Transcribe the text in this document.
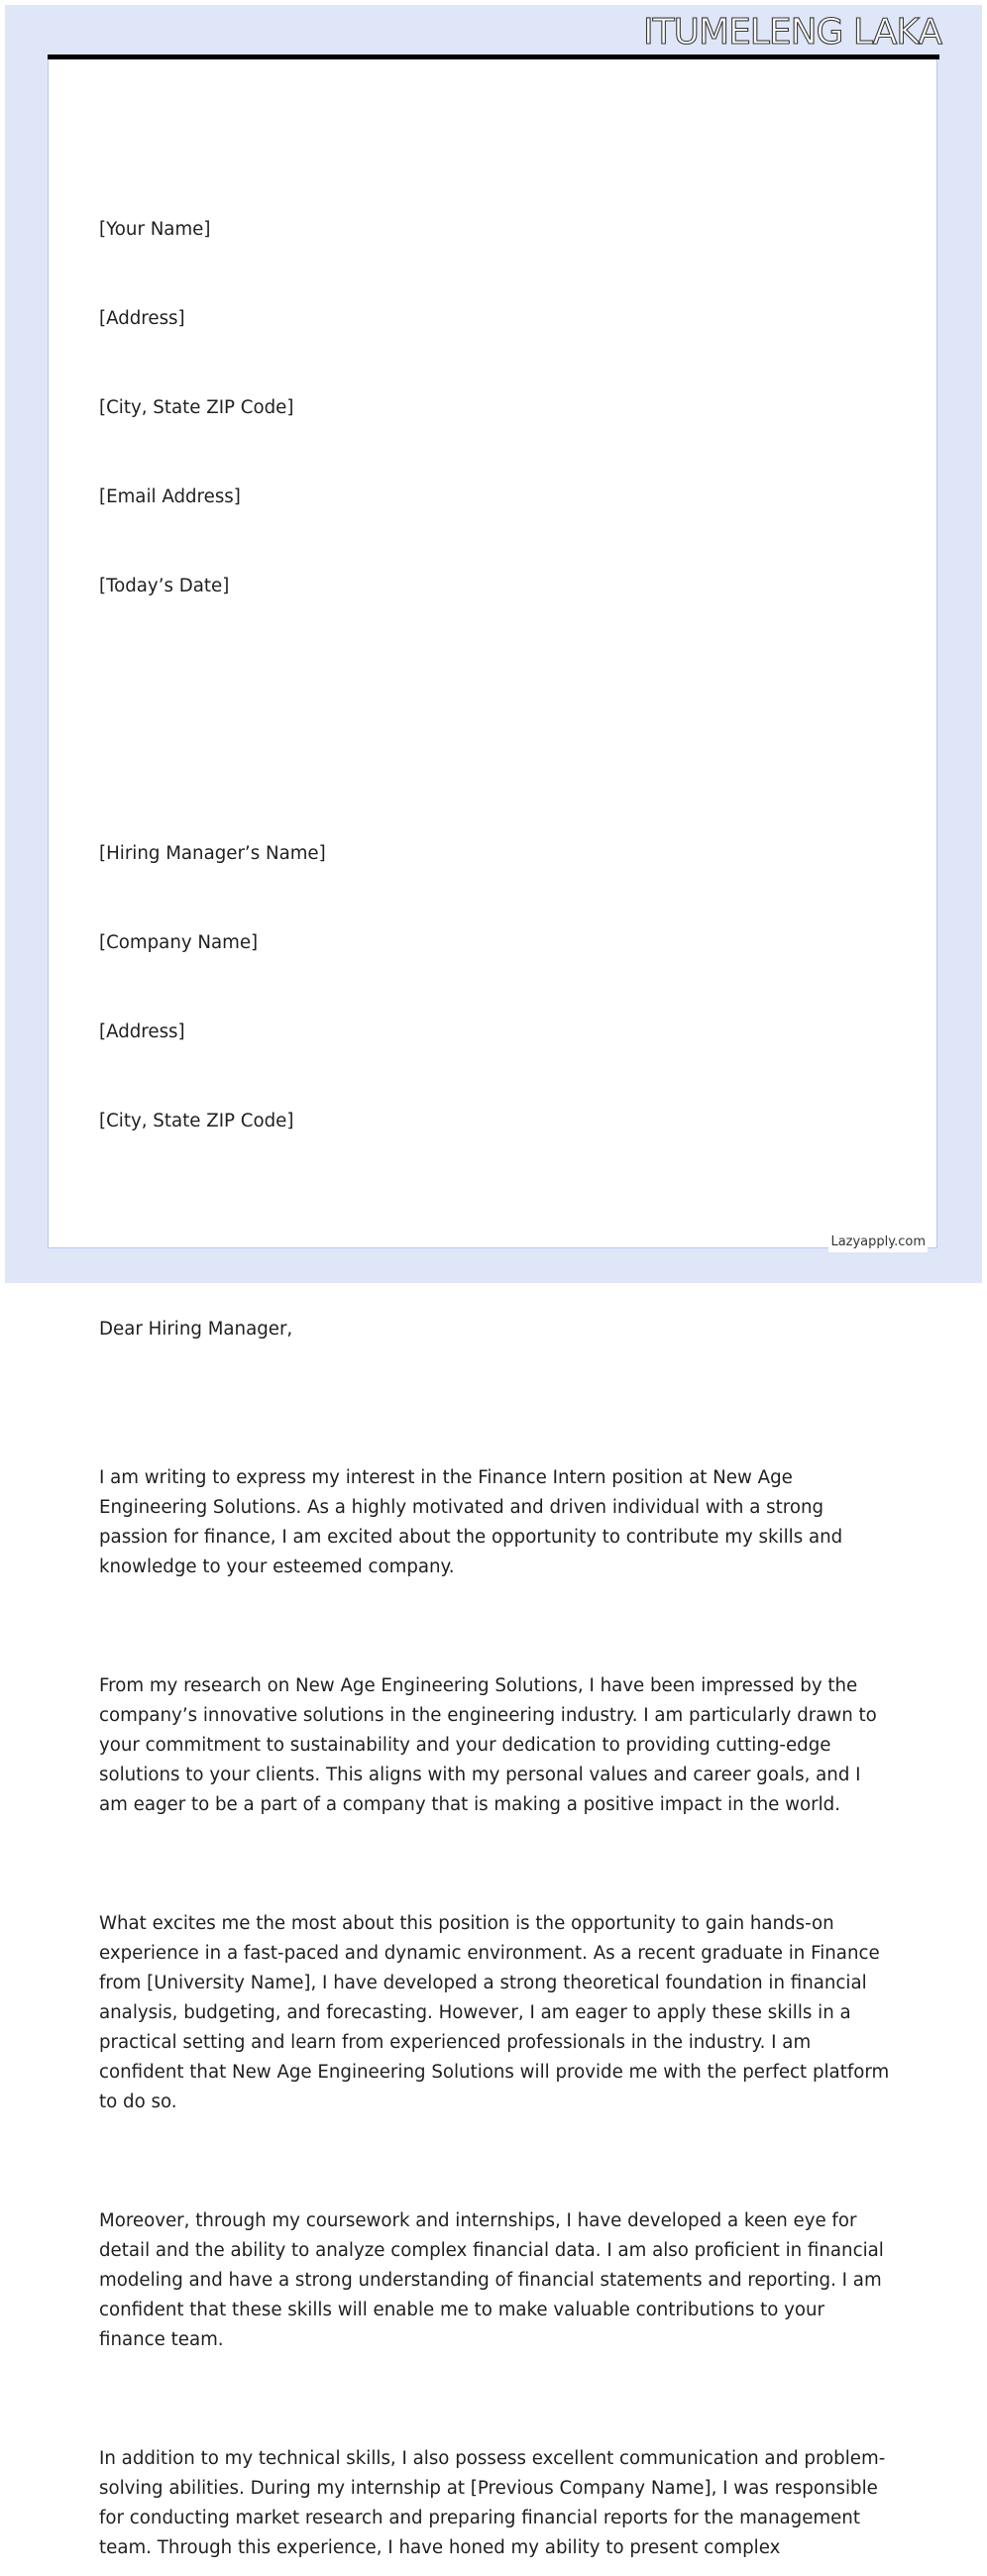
ITUMELENG LAKA

[Your Name]

[Address]

[City, State ZIP Code]

[Email Address]

[Today’s Date]

[Hiring Manager’s Name]

[Company Name]

[Address]

[City, State ZIP Code]

Dear Hiring Manager,

I am writing to express my interest in the Finance Intern position at New Age Engineering Solutions. As a highly motivated and driven individual with a strong passion for finance, I am excited about the opportunity to contribute my skills and knowledge to your esteemed company.

From my research on New Age Engineering Solutions, I have been impressed by the company’s innovative solutions in the engineering industry. I am particularly drawn to your commitment to sustainability and your dedication to providing cutting-edge solutions to your clients. This aligns with my personal values and career goals, and I am eager to be a part of a company that is making a positive impact in the world.

What excites me the most about this position is the opportunity to gain hands-on experience in a fast-paced and dynamic environment. As a recent graduate in Finance from [University Name], I have developed a strong theoretical foundation in financial analysis, budgeting, and forecasting. However, I am eager to apply these skills in a practical setting and learn from experienced professionals in the industry. I am confident that New Age Engineering Solutions will provide me with the perfect platform to do so.

Moreover, through my coursework and internships, I have developed a keen eye for detail and the ability to analyze complex financial data. I am also proficient in financial modeling and have a strong understanding of financial statements and reporting. I am confident that these skills will enable me to make valuable contributions to your finance team.

In addition to my technical skills, I also possess excellent communication and problem-solving abilities. During my internship at [Previous Company Name], I was responsible for conducting market research and preparing financial reports for the management team. Through this experience, I have honed my ability to present complex

Lazyapply.com
